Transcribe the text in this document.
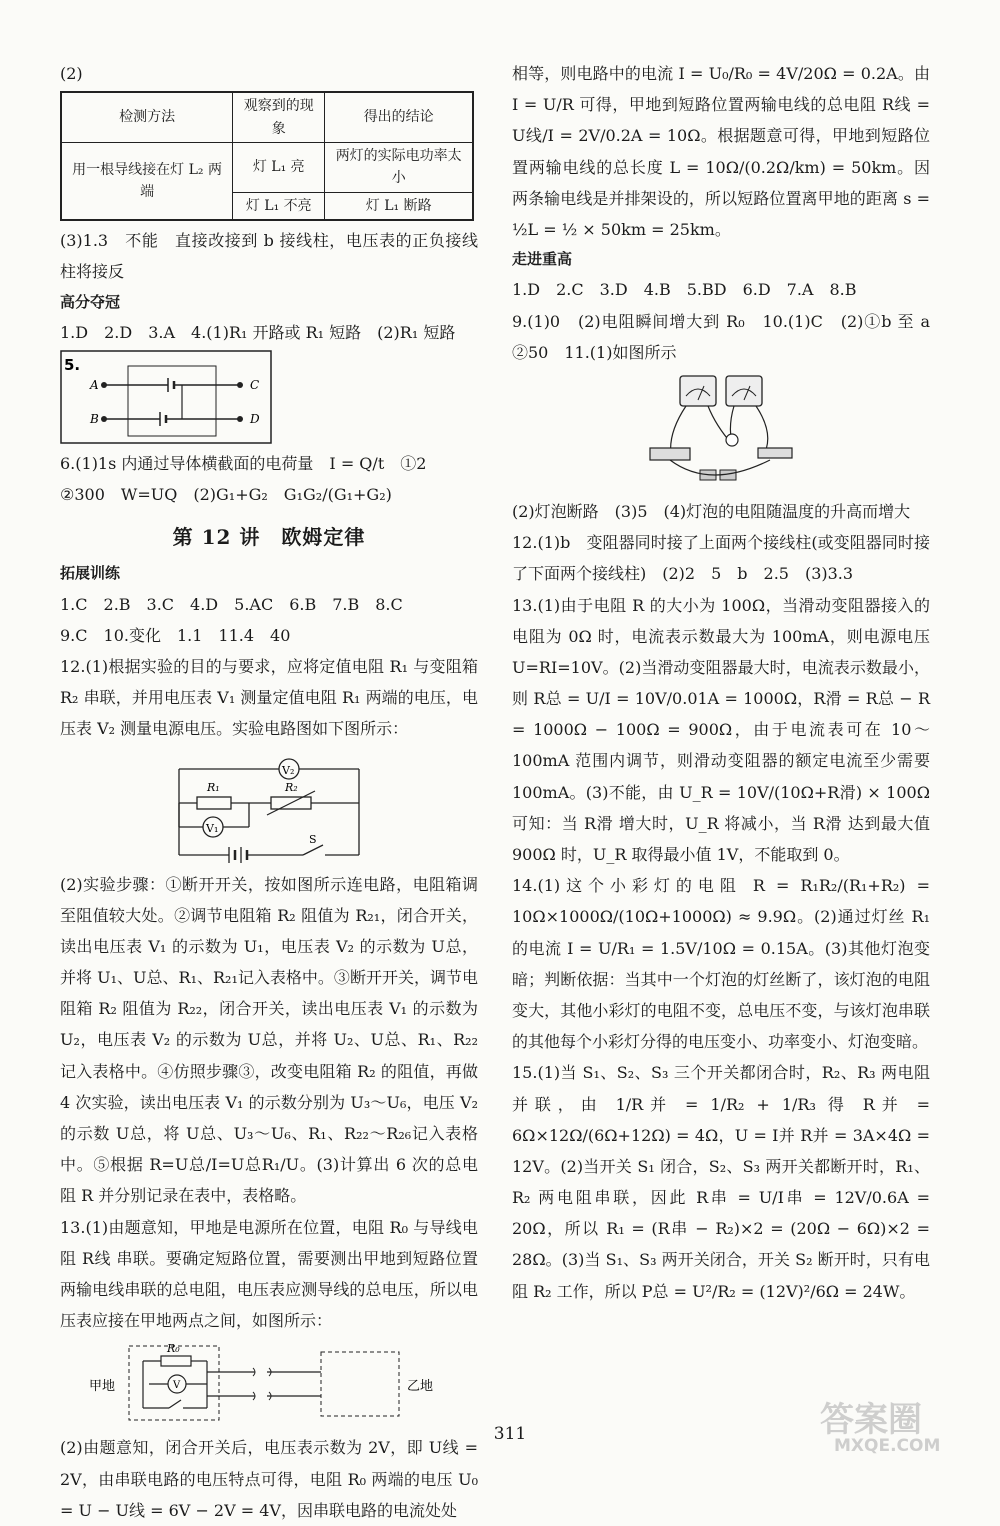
(2)

检测方法	观察到的现象	得出的结论
用一根导线接在灯 L₂ 两端	灯 L₁ 亮	两灯的实际电功率太小
	灯 L₁ 不亮	灯 L₁ 断路

(3)1.3　不能　直接改接到 b 接线柱，电压表的正负接线柱将接反

高分夺冠

1.D　2.D　3.A　4.(1)R₁ 开路或 R₁ 短路　(2)R₁ 短路

5.
A
B
C
D

6.(1)1s 内通过导体横截面的电荷量　I = Q/t　①2

②300　W=UQ　(2)G₁+G₂　G₁G₂/(G₁+G₂)

第 12 讲　欧姆定律

拓展训练

1.C　2.B　3.C　4.D　5.AC　6.B　7.B　8.C

9.C　10.变化　1.1　11.4　40

12.(1)根据实验的目的与要求，应将定值电阻 R₁ 与变阻箱 R₂ 串联，并用电压表 V₁ 测量定值电阻 R₁ 两端的电压，电压表 V₂ 测量电源电压。实验电路图如下图所示：

V₂
R₁	R₂
V₁
S

(2)实验步骤：①断开开关，按如图所示连电路，电阻箱调至阻值较大处。②调节电阻箱 R₂ 阻值为 R₂₁，闭合开关，读出电压表 V₁ 的示数为 U₁，电压表 V₂ 的示数为 U总，并将 U₁、U总、R₁、R₂₁记入表格中。③断开开关，调节电阻箱 R₂ 阻值为 R₂₂，闭合开关，读出电压表 V₁ 的示数为 U₂，电压表 V₂ 的示数为 U总，并将 U₂、U总、R₁、R₂₂记入表格中。④仿照步骤③，改变电阻箱 R₂ 的阻值，再做 4 次实验，读出电压表 V₁ 的示数分别为 U₃～U₆，电压 V₂ 的示数 U总，将 U总、U₃～U₆、R₁、R₂₂～R₂₆记入表格中。⑤根据 R=U总/I=U总R₁/U。(3)计算出 6 次的总电阻 R 并分别记录在表中，表格略。

13.(1)由题意知，甲地是电源所在位置，电阻 R₀ 与导线电阻 R线 串联。要确定短路位置，需要测出甲地到短路位置两输电线串联的总电阻，电压表应测导线的总电压，所以电压表应接在甲地两点之间，如图所示：

R₀
V
甲地	乙地

(2)由题意知，闭合开关后，电压表示数为 2V，即 U线 = 2V，由串联电路的电压特点可得，电阻 R₀ 两端的电压 U₀ = U − U线 = 6V − 2V = 4V，因串联电路的电流处处

相等，则电路中的电流 I = U₀/R₀ = 4V/20Ω = 0.2A。由 I = U/R 可得，甲地到短路位置两输电线的总电阻 R线 = U线/I = 2V/0.2A = 10Ω。根据题意可得，甲地到短路位置两输电线的总长度 L = 10Ω/(0.2Ω/km) = 50km。因两条输电线是并排架设的，所以短路位置离甲地的距离 s = ½L = ½ × 50km = 25km。

走进重高

1.D　2.C　3.D　4.B　5.BD　6.D　7.A　8.B

9.(1)0　(2)电阻瞬间增大到 R₀　10.(1)C　(2)①b 至 a　②50　11.(1)如图所示

(2)灯泡断路　(3)5　(4)灯泡的电阻随温度的升高而增大

12.(1)b　变阻器同时接了上面两个接线柱(或变阻器同时接了下面两个接线柱)　(2)2　5　b　2.5　(3)3.3

13.(1)由于电阻 R 的大小为 100Ω，当滑动变阻器接入的电阻为 0Ω 时，电流表示数最大为 100mA，则电源电压 U=RI=10V。(2)当滑动变阻器最大时，电流表示数最小，则 R总 = U/I = 10V/0.01A = 1000Ω，R滑 = R总 − R = 1000Ω − 100Ω = 900Ω，由于电流表可在 10～100mA 范围内调节，则滑动变阻器的额定电流至少需要 100mA。(3)不能，由 U_R = 10V/(10Ω+R滑) × 100Ω 可知：当 R滑 增大时，U_R 将减小，当 R滑 达到最大值 900Ω 时，U_R 取得最小值 1V，不能取到 0。

14.(1)这个小彩灯的电阻 R = R₁R₂/(R₁+R₂) = 10Ω×1000Ω/(10Ω+1000Ω) ≈ 9.9Ω。(2)通过灯丝 R₁ 的电流 I = U/R₁ = 1.5V/10Ω = 0.15A。(3)其他灯泡变暗；判断依据：当其中一个灯泡的灯丝断了，该灯泡的电阻变大，其他小彩灯的电阻不变，总电压不变，与该灯泡串联的其他每个小彩灯分得的电压变小、功率变小、灯泡变暗。

15.(1)当 S₁、S₂、S₃ 三个开关都闭合时，R₂、R₃ 两电阻并联，由 1/R并 = 1/R₂ + 1/R₃ 得 R并 = 6Ω×12Ω/(6Ω+12Ω) = 4Ω，U = I并 R并 = 3A×4Ω = 12V。(2)当开关 S₁ 闭合，S₂、S₃ 两开关都断开时，R₁、R₂ 两电阻串联，因此 R串 = U/I串 = 12V/0.6A = 20Ω，所以 R₁ = (R串 − R₂)×2 = (20Ω − 6Ω)×2 = 28Ω。(3)当 S₁、S₃ 两开关闭合，开关 S₂ 断开时，只有电阻 R₂ 工作，所以 P总 = U²/R₂ = (12V)²/6Ω = 24W。

311	答案圈
MXQE.COM
